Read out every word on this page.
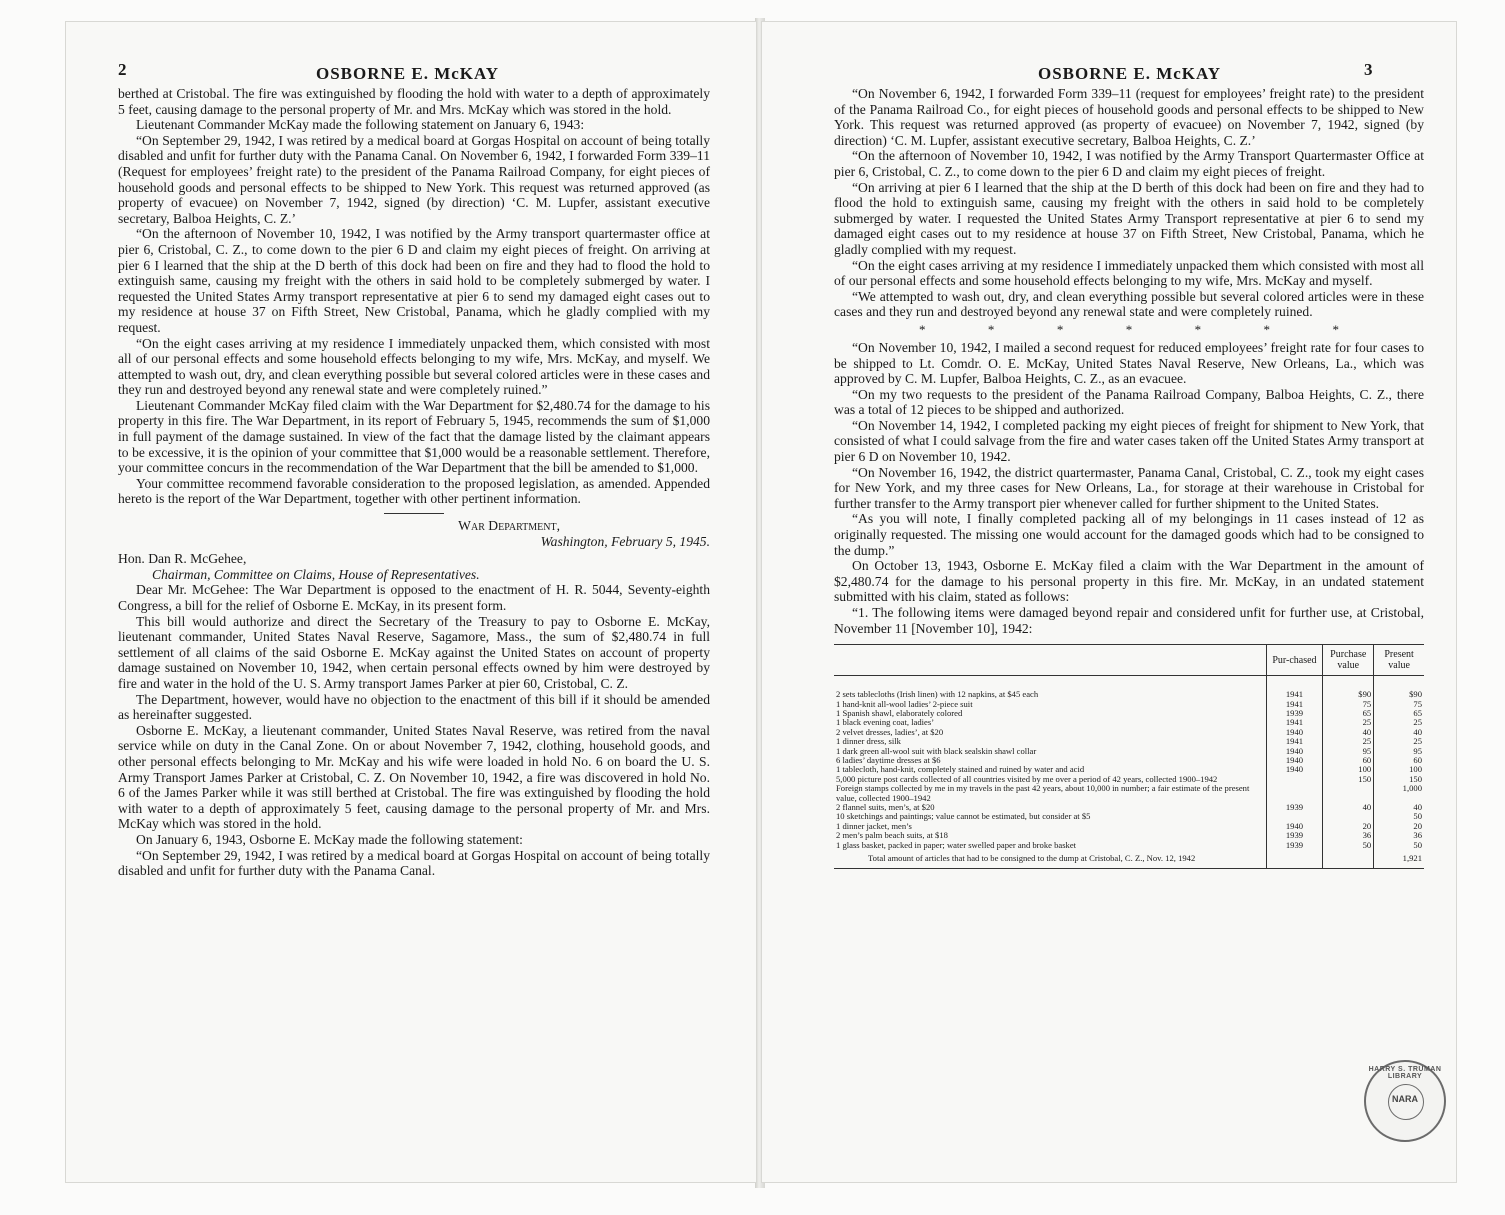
2	OSBORNE E. McKAY

berthed at Cristobal. The fire was extinguished by flooding the hold with water to a depth of approximately 5 feet, causing damage to the personal property of Mr. and Mrs. McKay which was stored in the hold.

Lieutenant Commander McKay made the following statement on January 6, 1943:

“On September 29, 1942, I was retired by a medical board at Gorgas Hospital on account of being totally disabled and unfit for further duty with the Panama Canal. On November 6, 1942, I forwarded Form 339–11 (Request for employees’ freight rate) to the president of the Panama Railroad Company, for eight pieces of household goods and personal effects to be shipped to New York. This request was returned approved (as property of evacuee) on November 7, 1942, signed (by direction) ‘C. M. Lupfer, assistant executive secretary, Balboa Heights, C. Z.’

“On the afternoon of November 10, 1942, I was notified by the Army transport quartermaster office at pier 6, Cristobal, C. Z., to come down to the pier 6 D and claim my eight pieces of freight. On arriving at pier 6 I learned that the ship at the D berth of this dock had been on fire and they had to flood the hold to extinguish same, causing my freight with the others in said hold to be completely submerged by water. I requested the United States Army transport representative at pier 6 to send my damaged eight cases out to my residence at house 37 on Fifth Street, New Cristobal, Panama, which he gladly complied with my request.

“On the eight cases arriving at my residence I immediately unpacked them, which consisted with most all of our personal effects and some household effects belonging to my wife, Mrs. McKay, and myself. We attempted to wash out, dry, and clean everything possible but several colored articles were in these cases and they run and destroyed beyond any renewal state and were completely ruined.”

Lieutenant Commander McKay filed claim with the War Department for $2,480.74 for the damage to his property in this fire. The War Department, in its report of February 5, 1945, recommends the sum of $1,000 in full payment of the damage sustained. In view of the fact that the damage listed by the claimant appears to be excessive, it is the opinion of your committee that $1,000 would be a reasonable settlement. Therefore, your committee concurs in the recommendation of the War Department that the bill be amended to $1,000.

Your committee recommend favorable consideration to the proposed legislation, as amended. Appended hereto is the report of the War Department, together with other pertinent information.

War Department,
Washington, February 5, 1945.

Hon. Dan R. McGehee,

Chairman, Committee on Claims, House of Representatives.

Dear Mr. McGehee: The War Department is opposed to the enactment of H. R. 5044, Seventy-eighth Congress, a bill for the relief of Osborne E. McKay, in its present form.

This bill would authorize and direct the Secretary of the Treasury to pay to Osborne E. McKay, lieutenant commander, United States Naval Reserve, Sagamore, Mass., the sum of $2,480.74 in full settlement of all claims of the said Osborne E. McKay against the United States on account of property damage sustained on November 10, 1942, when certain personal effects owned by him were destroyed by fire and water in the hold of the U. S. Army transport James Parker at pier 60, Cristobal, C. Z.

The Department, however, would have no objection to the enactment of this bill if it should be amended as hereinafter suggested.

Osborne E. McKay, a lieutenant commander, United States Naval Reserve, was retired from the naval service while on duty in the Canal Zone. On or about November 7, 1942, clothing, household goods, and other personal effects belonging to Mr. McKay and his wife were loaded in hold No. 6 on board the U. S. Army Transport James Parker at Cristobal, C. Z. On November 10, 1942, a fire was discovered in hold No. 6 of the James Parker while it was still berthed at Cristobal. The fire was extinguished by flooding the hold with water to a depth of approximately 5 feet, causing damage to the personal property of Mr. and Mrs. McKay which was stored in the hold.

On January 6, 1943, Osborne E. McKay made the following statement:

“On September 29, 1942, I was retired by a medical board at Gorgas Hospital on account of being totally disabled and unfit for further duty with the Panama Canal.

OSBORNE E. McKAY	3

“On November 6, 1942, I forwarded Form 339–11 (request for employees’ freight rate) to the president of the Panama Railroad Co., for eight pieces of household goods and personal effects to be shipped to New York. This request was returned approved (as property of evacuee) on November 7, 1942, signed (by direction) ‘C. M. Lupfer, assistant executive secretary, Balboa Heights, C. Z.’

“On the afternoon of November 10, 1942, I was notified by the Army Transport Quartermaster Office at pier 6, Cristobal, C. Z., to come down to the pier 6 D and claim my eight pieces of freight.

“On arriving at pier 6 I learned that the ship at the D berth of this dock had been on fire and they had to flood the hold to extinguish same, causing my freight with the others in said hold to be completely submerged by water. I requested the United States Army Transport representative at pier 6 to send my damaged eight cases out to my residence at house 37 on Fifth Street, New Cristobal, Panama, which he gladly complied with my request.

“On the eight cases arriving at my residence I immediately unpacked them which consisted with most all of our personal effects and some household effects belonging to my wife, Mrs. McKay and myself.

“We attempted to wash out, dry, and clean everything possible but several colored articles were in these cases and they run and destroyed beyond any renewal state and were completely ruined.

*	*	*	*	*	*	*

“On November 10, 1942, I mailed a second request for reduced employees’ freight rate for four cases to be shipped to Lt. Comdr. O. E. McKay, United States Naval Reserve, New Orleans, La., which was approved by C. M. Lupfer, Balboa Heights, C. Z., as an evacuee.

“On my two requests to the president of the Panama Railroad Company, Balboa Heights, C. Z., there was a total of 12 pieces to be shipped and authorized.

“On November 14, 1942, I completed packing my eight pieces of freight for shipment to New York, that consisted of what I could salvage from the fire and water cases taken off the United States Army transport at pier 6 D on November 10, 1942.

“On November 16, 1942, the district quartermaster, Panama Canal, Cristobal, C. Z., took my eight cases for New York, and my three cases for New Orleans, La., for storage at their warehouse in Cristobal for further transfer to the Army transport pier whenever called for further shipment to the United States.

“As you will note, I finally completed packing all of my belongings in 11 cases instead of 12 as originally requested. The missing one would account for the damaged goods which had to be consigned to the dump.”

On October 13, 1943, Osborne E. McKay filed a claim with the War Department in the amount of $2,480.74 for the damage to his personal property in this fire. Mr. McKay, in an undated statement submitted with his claim, stated as follows:

“1. The following items were damaged beyond repair and considered unfit for further use, at Cristobal, November 11 [November 10], 1942:

	Pur-chased	Purchase value	Present value
2 sets tablecloths (Irish linen) with 12 napkins, at $45 each	1941	$90	$90
1 hand-knit all-wool ladies’ 2-piece suit	1941	75	75
1 Spanish shawl, elaborately colored	1939	65	65
1 black evening coat, ladies’	1941	25	25
2 velvet dresses, ladies’, at $20	1940	40	40
1 dinner dress, silk	1941	25	25
1 dark green all-wool suit with black sealskin shawl collar	1940	95	95
6 ladies’ daytime dresses at $6	1940	60	60
1 tablecloth, hand-knit, completely stained and ruined by water and acid	1940	100	100
5,000 picture post cards collected of all countries visited by me over a period of 42 years, collected 1900–1942		150	150
Foreign stamps collected by me in my travels in the past 42 years, about 10,000 in number; a fair estimate of the present value, collected 1900–1942			1,000
2 flannel suits, men’s, at $20	1939	40	40
10 sketchings and paintings; value cannot be estimated, but consider at $5			50
1 dinner jacket, men’s	1940	20	20
2 men’s palm beach suits, at $18	1939	36	36
1 glass basket, packed in paper; water swelled paper and broke basket	1939	50	50
Total amount of articles that had to be consigned to the dump at Cristobal, C. Z., Nov. 12, 1942			1,921
HARRY S. TRUMAN LIBRARY
NARA
